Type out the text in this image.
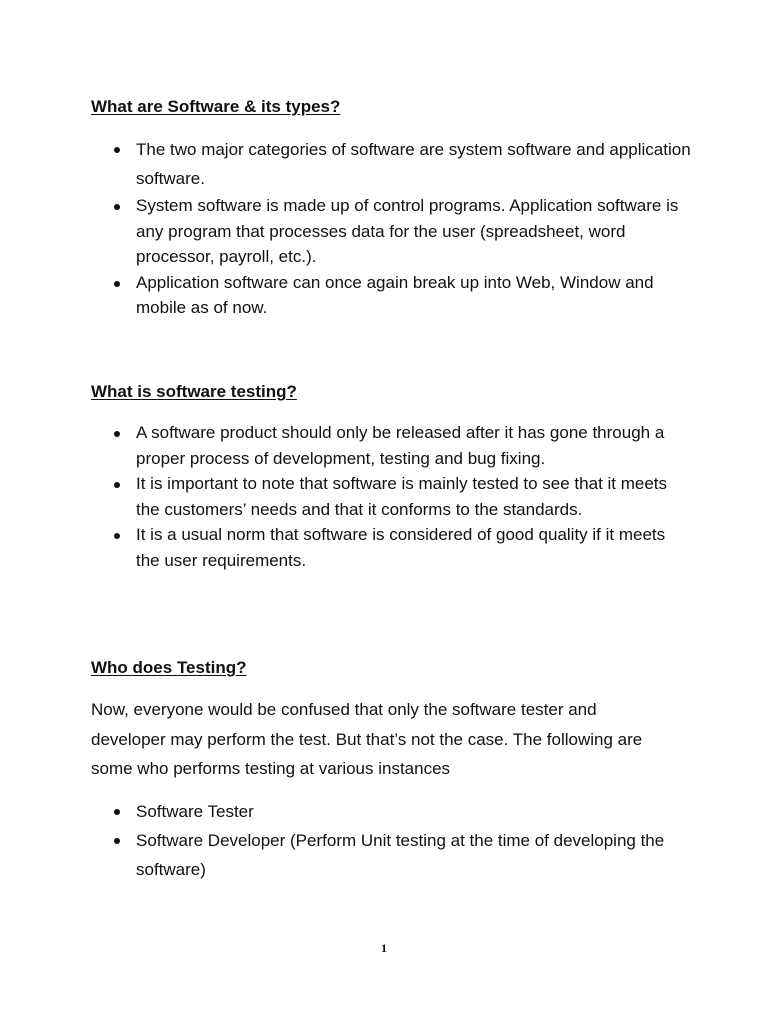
What are Software & its types?
The two major categories of software are system software and application software.
System software is made up of control programs. Application software is any program that processes data for the user (spreadsheet, word processor, payroll, etc.).
Application software can once again break up into Web, Window and mobile as of now.
What is software testing?
A software product should only be released after it has gone through a proper process of development, testing and bug fixing.
It is important to note that software is mainly tested to see that it meets the customers’ needs and that it conforms to the standards.
It is a usual norm that software is considered of good quality if it meets the user requirements.
Who does Testing?

Now, everyone would be confused that only the software tester and developer may perform the test. But that’s not the case. The following are some who performs testing at various instances

Software Tester
Software Developer (Perform Unit testing at the time of developing the software)
1
